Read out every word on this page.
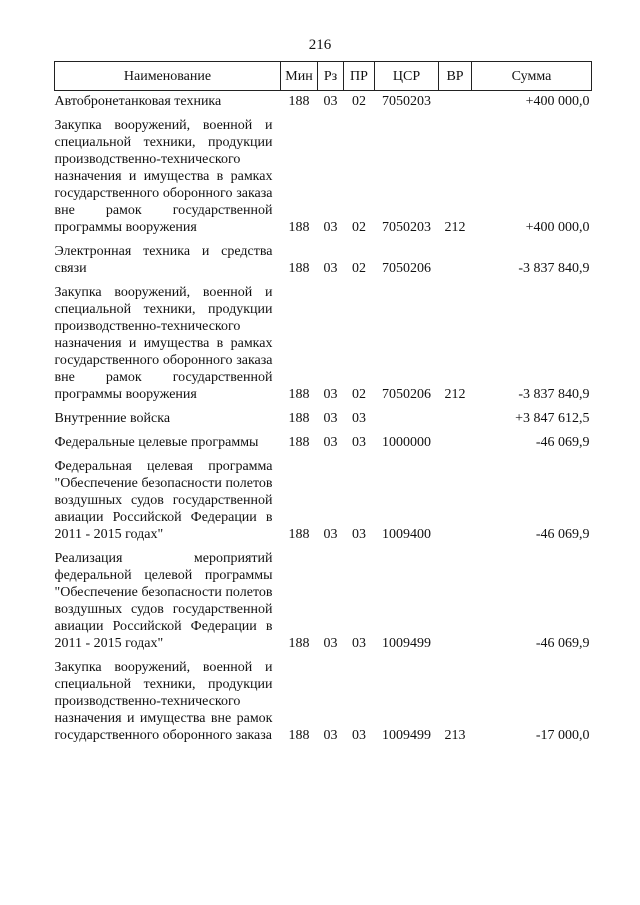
216
Наименование	Мин	Рз	ПР	ЦСР	ВР	Сумма
Автобронетанковая техника	188	03	02	7050203		+400 000,0
Закупка вооружений, военной и специальной техники, продукции производственно-технического назначения и имущества в рамках государственного оборонного заказа вне рамок государственной программы вооружения	188	03	02	7050203	212	+400 000,0
Электронная техника и средства связи	188	03	02	7050206		-3 837 840,9
Закупка вооружений, военной и специальной техники, продукции производственно-технического назначения и имущества в рамках государственного оборонного заказа вне рамок государственной программы вооружения	188	03	02	7050206	212	-3 837 840,9
Внутренние войска	188	03	03			+3 847 612,5
Федеральные целевые программы	188	03	03	1000000		-46 069,9
Федеральная целевая программа "Обеспечение безопасности полетов воздушных судов государственной авиации Российской Федерации в 2011 - 2015 годах"	188	03	03	1009400		-46 069,9
Реализация мероприятий федеральной целевой программы "Обеспечение безопасности полетов воздушных судов государственной авиации Российской Федерации в 2011 - 2015 годах"	188	03	03	1009499		-46 069,9
Закупка вооружений, военной и специальной техники, продукции производственно-технического назначения и имущества вне рамок государственного оборонного заказа	188	03	03	1009499	213	-17 000,0
